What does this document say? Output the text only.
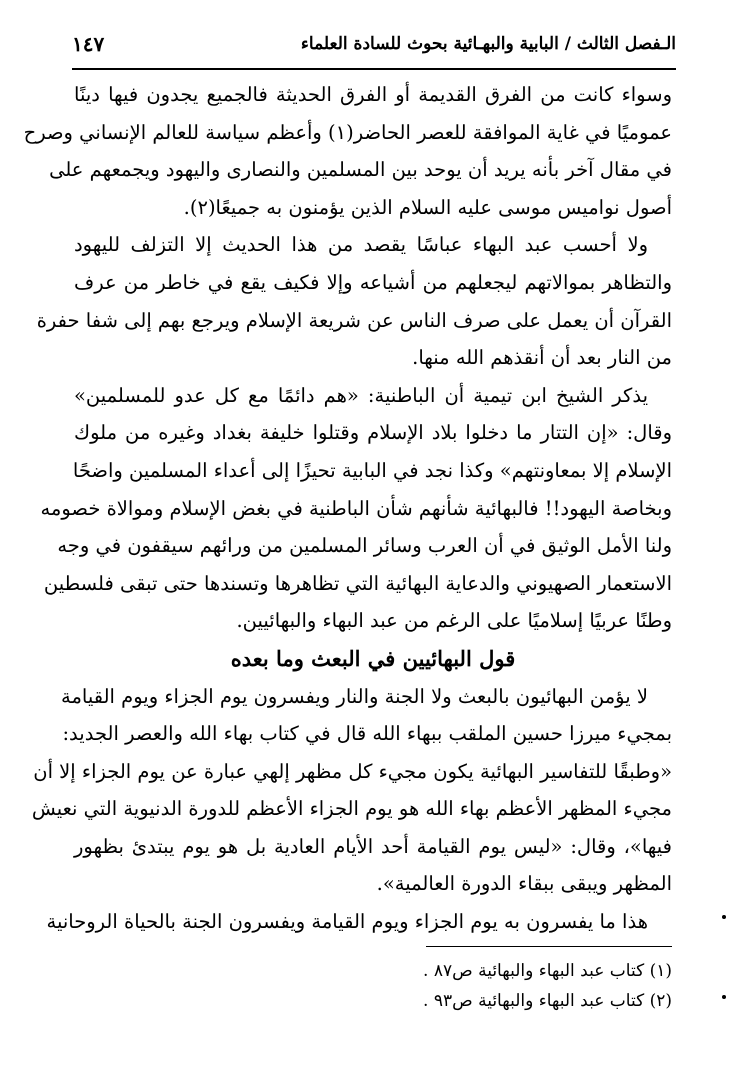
الـفصل الثالث / البابية والبهـائية بحوث للسادة العلماء
١٤٧
وسواء كانت من الفرق القديمة أو الفرق الحديثة فالجميع يجدون فيها دينًا
عموميًا في غاية الموافقة للعصر الحاضر(١) وأعظم سياسة للعالم الإنساني وصرح
في مقال آخر بأنه يريد أن يوحد بين المسلمين والنصارى واليهود ويجمعهم على
أصول نواميس موسى عليه السلام الذين يؤمنون به جميعًا(٢).
ولا أحسب عبد البهاء عباسًا يقصد من هذا الحديث إلا التزلف لليهود
والتظاهر بموالاتهم ليجعلهم من أشياعه وإلا فكيف يقع في خاطر من عرف
القرآن أن يعمل على صرف الناس عن شريعة الإسلام ويرجع بهم إلى شفا حفرة
من النار بعد أن أنقذهم الله منها.
يذكر الشيخ ابن تيمية أن الباطنية: «هم دائمًا مع كل عدو للمسلمين»
وقال: «إن التتار ما دخلوا بلاد الإسلام وقتلوا خليفة بغداد وغيره من ملوك
الإسلام إلا بمعاونتهم» وكذا نجد في البابية تحيزًا إلى أعداء المسلمين واضحًا
وبخاصة اليهود!! فالبهائية شأنهم شأن الباطنية في بغض الإسلام وموالاة خصومه
ولنا الأمل الوثيق في أن العرب وسائر المسلمين من ورائهم سيقفون في وجه
الاستعمار الصهيوني والدعاية البهائية التي تظاهرها وتسندها حتى تبقى فلسطين
وطنًا عربيًا إسلاميًا على الرغم من عبد البهاء والبهائيين.
قول البهائيين في البعث وما بعده
لا يؤمن البهائيون بالبعث ولا الجنة والنار ويفسرون يوم الجزاء ويوم القيامة
بمجيء ميرزا حسين الملقب ببهاء الله قال في كتاب بهاء الله والعصر الجديد:
«وطبقًا للتفاسير البهائية يكون مجيء كل مظهر إلهي عبارة عن يوم الجزاء إلا أن
مجيء المظهر الأعظم بهاء الله هو يوم الجزاء الأعظم للدورة الدنيوية التي نعيش
فيها»، وقال: «ليس يوم القيامة أحد الأيام العادية بل هو يوم يبتدئ بظهور
المظهر ويبقى ببقاء الدورة العالمية».
هذا ما يفسرون به يوم الجزاء ويوم القيامة ويفسرون الجنة بالحياة الروحانية
(١) كتاب عبد البهاء والبهائية ص٨٧ .
(٢) كتاب عبد البهاء والبهائية ص٩٣ .
